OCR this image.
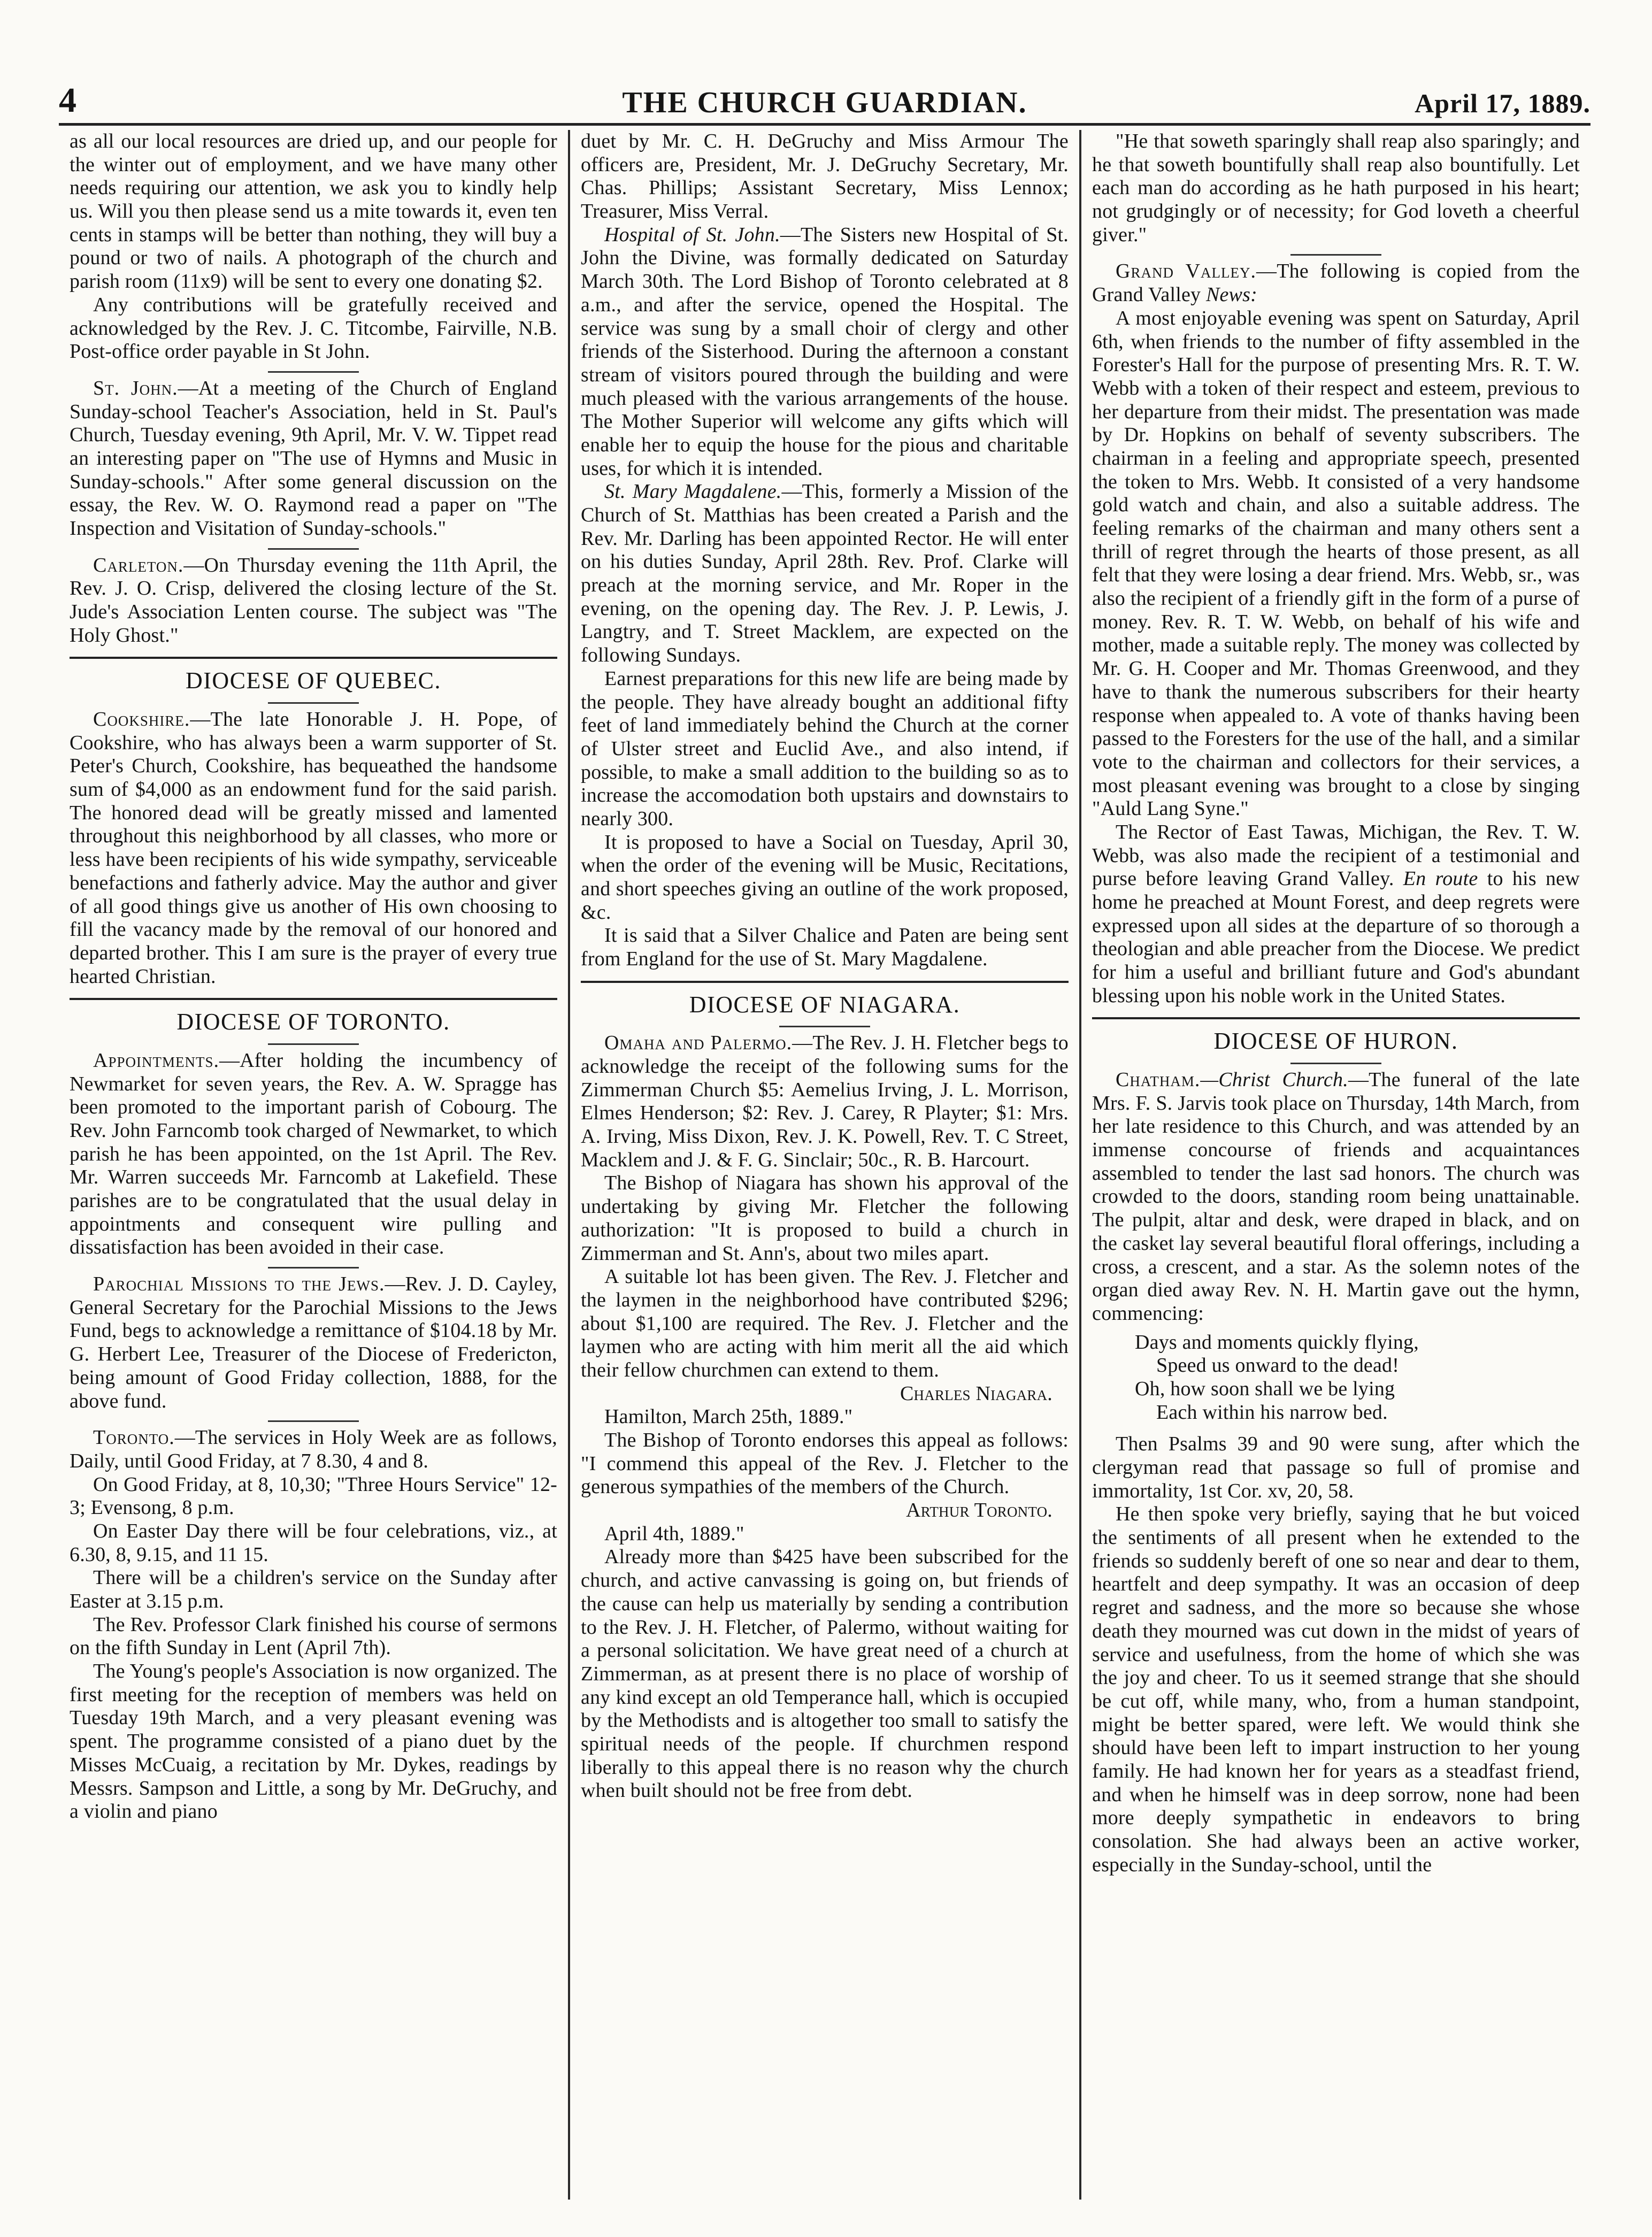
4	THE CHURCH GUARDIAN.	April 17, 1889.

as all our local resources are dried up, and our people for the winter out of employment, and we have many other needs requiring our attention, we ask you to kindly help us. Will you then please send us a mite towards it, even ten cents in stamps will be better than nothing, they will buy a pound or two of nails. A photograph of the church and parish room (11x9) will be sent to every one donating $2.

Any contributions will be gratefully received and acknowledged by the Rev. J. C. Titcombe, Fairville, N.B. Post-office order payable in St John.

St. John.—At a meeting of the Church of England Sunday-school Teacher's Association, held in St. Paul's Church, Tuesday evening, 9th April, Mr. V. W. Tippet read an interesting paper on "The use of Hymns and Music in Sunday-schools." After some general discussion on the essay, the Rev. W. O. Raymond read a paper on "The Inspection and Visitation of Sunday-schools."

Carleton.—On Thursday evening the 11th April, the Rev. J. O. Crisp, delivered the closing lecture of the St. Jude's Association Lenten course. The subject was "The Holy Ghost."

DIOCESE OF QUEBEC.

Cookshire.—The late Honorable J. H. Pope, of Cookshire, who has always been a warm supporter of St. Peter's Church, Cookshire, has bequeathed the handsome sum of $4,000 as an endowment fund for the said parish. The honored dead will be greatly missed and lamented throughout this neighborhood by all classes, who more or less have been recipients of his wide sympathy, serviceable benefactions and fatherly advice. May the author and giver of all good things give us another of His own choosing to fill the vacancy made by the removal of our honored and departed brother. This I am sure is the prayer of every true hearted Christian.

DIOCESE OF TORONTO.

Appointments.—After holding the incumbency of Newmarket for seven years, the Rev. A. W. Spragge has been promoted to the important parish of Cobourg. The Rev. John Farncomb took charged of Newmarket, to which parish he has been appointed, on the 1st April. The Rev. Mr. Warren succeeds Mr. Farncomb at Lakefield. These parishes are to be congratulated that the usual delay in appointments and consequent wire pulling and dissatisfaction has been avoided in their case.

Parochial Missions to the Jews.—Rev. J. D. Cayley, General Secretary for the Parochial Missions to the Jews Fund, begs to acknowledge a remittance of $104.18 by Mr. G. Herbert Lee, Treasurer of the Diocese of Fredericton, being amount of Good Friday collection, 1888, for the above fund.

Toronto.—The services in Holy Week are as follows, Daily, until Good Friday, at 7 8.30, 4 and 8.

On Good Friday, at 8, 10,30; "Three Hours Service" 12-3; Evensong, 8 p.m.

On Easter Day there will be four celebrations, viz., at 6.30, 8, 9.15, and 11 15.

There will be a children's service on the Sunday after Easter at 3.15 p.m.

The Rev. Professor Clark finished his course of sermons on the fifth Sunday in Lent (April 7th).

The Young's people's Association is now organized. The first meeting for the reception of members was held on Tuesday 19th March, and a very pleasant evening was spent. The programme consisted of a piano duet by the Misses McCuaig, a recitation by Mr. Dykes, readings by Messrs. Sampson and Little, a song by Mr. DeGruchy, and a violin and piano

duet by Mr. C. H. DeGruchy and Miss Armour The officers are, President, Mr. J. DeGruchy Secretary, Mr. Chas. Phillips; Assistant Secretary, Miss Lennox; Treasurer, Miss Verral.

Hospital of St. John.—The Sisters new Hospital of St. John the Divine, was formally dedicated on Saturday March 30th. The Lord Bishop of Toronto celebrated at 8 a.m., and after the service, opened the Hospital. The service was sung by a small choir of clergy and other friends of the Sisterhood. During the afternoon a constant stream of visitors poured through the building and were much pleased with the various arrangements of the house. The Mother Superior will welcome any gifts which will enable her to equip the house for the pious and charitable uses, for which it is intended.

St. Mary Magdalene.—This, formerly a Mission of the Church of St. Matthias has been created a Parish and the Rev. Mr. Darling has been appointed Rector. He will enter on his duties Sunday, April 28th. Rev. Prof. Clarke will preach at the morning service, and Mr. Roper in the evening, on the opening day. The Rev. J. P. Lewis, J. Langtry, and T. Street Macklem, are expected on the following Sundays.

Earnest preparations for this new life are being made by the people. They have already bought an additional fifty feet of land immediately behind the Church at the corner of Ulster street and Euclid Ave., and also intend, if possible, to make a small addition to the building so as to increase the accomodation both upstairs and downstairs to nearly 300.

It is proposed to have a Social on Tuesday, April 30, when the order of the evening will be Music, Recitations, and short speeches giving an outline of the work proposed, &c.

It is said that a Silver Chalice and Paten are being sent from England for the use of St. Mary Magdalene.

DIOCESE OF NIAGARA.

Omaha and Palermo.—The Rev. J. H. Fletcher begs to acknowledge the receipt of the following sums for the Zimmerman Church $5: Aemelius Irving, J. L. Morrison, Elmes Henderson; $2: Rev. J. Carey, R Playter; $1: Mrs. A. Irving, Miss Dixon, Rev. J. K. Powell, Rev. T. C Street, Macklem and J. & F. G. Sinclair; 50c., R. B. Harcourt.

The Bishop of Niagara has shown his approval of the undertaking by giving Mr. Fletcher the following authorization: "It is proposed to build a church in Zimmerman and St. Ann's, about two miles apart.

A suitable lot has been given. The Rev. J. Fletcher and the laymen in the neighborhood have contributed $296; about $1,100 are required. The Rev. J. Fletcher and the laymen who are acting with him merit all the aid which their fellow churchmen can extend to them.

Charles Niagara.

Hamilton, March 25th, 1889."

The Bishop of Toronto endorses this appeal as follows: "I commend this appeal of the Rev. J. Fletcher to the generous sympathies of the members of the Church.

Arthur Toronto.

April 4th, 1889."

Already more than $425 have been subscribed for the church, and active canvassing is going on, but friends of the cause can help us materially by sending a contribution to the Rev. J. H. Fletcher, of Palermo, without waiting for a personal solicitation. We have great need of a church at Zimmerman, as at present there is no place of worship of any kind except an old Temperance hall, which is occupied by the Methodists and is altogether too small to satisfy the spiritual needs of the people. If churchmen respond liberally to this appeal there is no reason why the church when built should not be free from debt.

"He that soweth sparingly shall reap also sparingly; and he that soweth bountifully shall reap also bountifully. Let each man do according as he hath purposed in his heart; not grudgingly or of necessity; for God loveth a cheerful giver."

Grand Valley.—The following is copied from the Grand Valley News:

A most enjoyable evening was spent on Saturday, April 6th, when friends to the number of fifty assembled in the Forester's Hall for the purpose of presenting Mrs. R. T. W. Webb with a token of their respect and esteem, previous to her departure from their midst. The presentation was made by Dr. Hopkins on behalf of seventy subscribers. The chairman in a feeling and appropriate speech, presented the token to Mrs. Webb. It consisted of a very handsome gold watch and chain, and also a suitable address. The feeling remarks of the chairman and many others sent a thrill of regret through the hearts of those present, as all felt that they were losing a dear friend. Mrs. Webb, sr., was also the recipient of a friendly gift in the form of a purse of money. Rev. R. T. W. Webb, on behalf of his wife and mother, made a suitable reply. The money was collected by Mr. G. H. Cooper and Mr. Thomas Greenwood, and they have to thank the numerous subscribers for their hearty response when appealed to. A vote of thanks having been passed to the Foresters for the use of the hall, and a similar vote to the chairman and collectors for their services, a most pleasant evening was brought to a close by singing "Auld Lang Syne."

The Rector of East Tawas, Michigan, the Rev. T. W. Webb, was also made the recipient of a testimonial and purse before leaving Grand Valley. En route to his new home he preached at Mount Forest, and deep regrets were expressed upon all sides at the departure of so thorough a theologian and able preacher from the Diocese. We predict for him a useful and brilliant future and God's abundant blessing upon his noble work in the United States.

DIOCESE OF HURON.

Chatham.—Christ Church.—The funeral of the late Mrs. F. S. Jarvis took place on Thursday, 14th March, from her late residence to this Church, and was attended by an immense concourse of friends and acquaintances assembled to tender the last sad honors. The church was crowded to the doors, standing room being unattainable. The pulpit, altar and desk, were draped in black, and on the casket lay several beautiful floral offerings, including a cross, a crescent, and a star. As the solemn notes of the organ died away Rev. N. H. Martin gave out the hymn, commencing:

Days and moments quickly flying,

Speed us onward to the dead!

Oh, how soon shall we be lying

Each within his narrow bed.

Then Psalms 39 and 90 were sung, after which the clergyman read that passage so full of promise and immortality, 1st Cor. xv, 20, 58.

He then spoke very briefly, saying that he but voiced the sentiments of all present when he extended to the friends so suddenly bereft of one so near and dear to them, heartfelt and deep sympathy. It was an occasion of deep regret and sadness, and the more so because she whose death they mourned was cut down in the midst of years of service and usefulness, from the home of which she was the joy and cheer. To us it seemed strange that she should be cut off, while many, who, from a human standpoint, might be better spared, were left. We would think she should have been left to impart instruction to her young family. He had known her for years as a steadfast friend, and when he himself was in deep sorrow, none had been more deeply sympathetic in endeavors to bring consolation. She had always been an active worker, especially in the Sunday-school, until the
